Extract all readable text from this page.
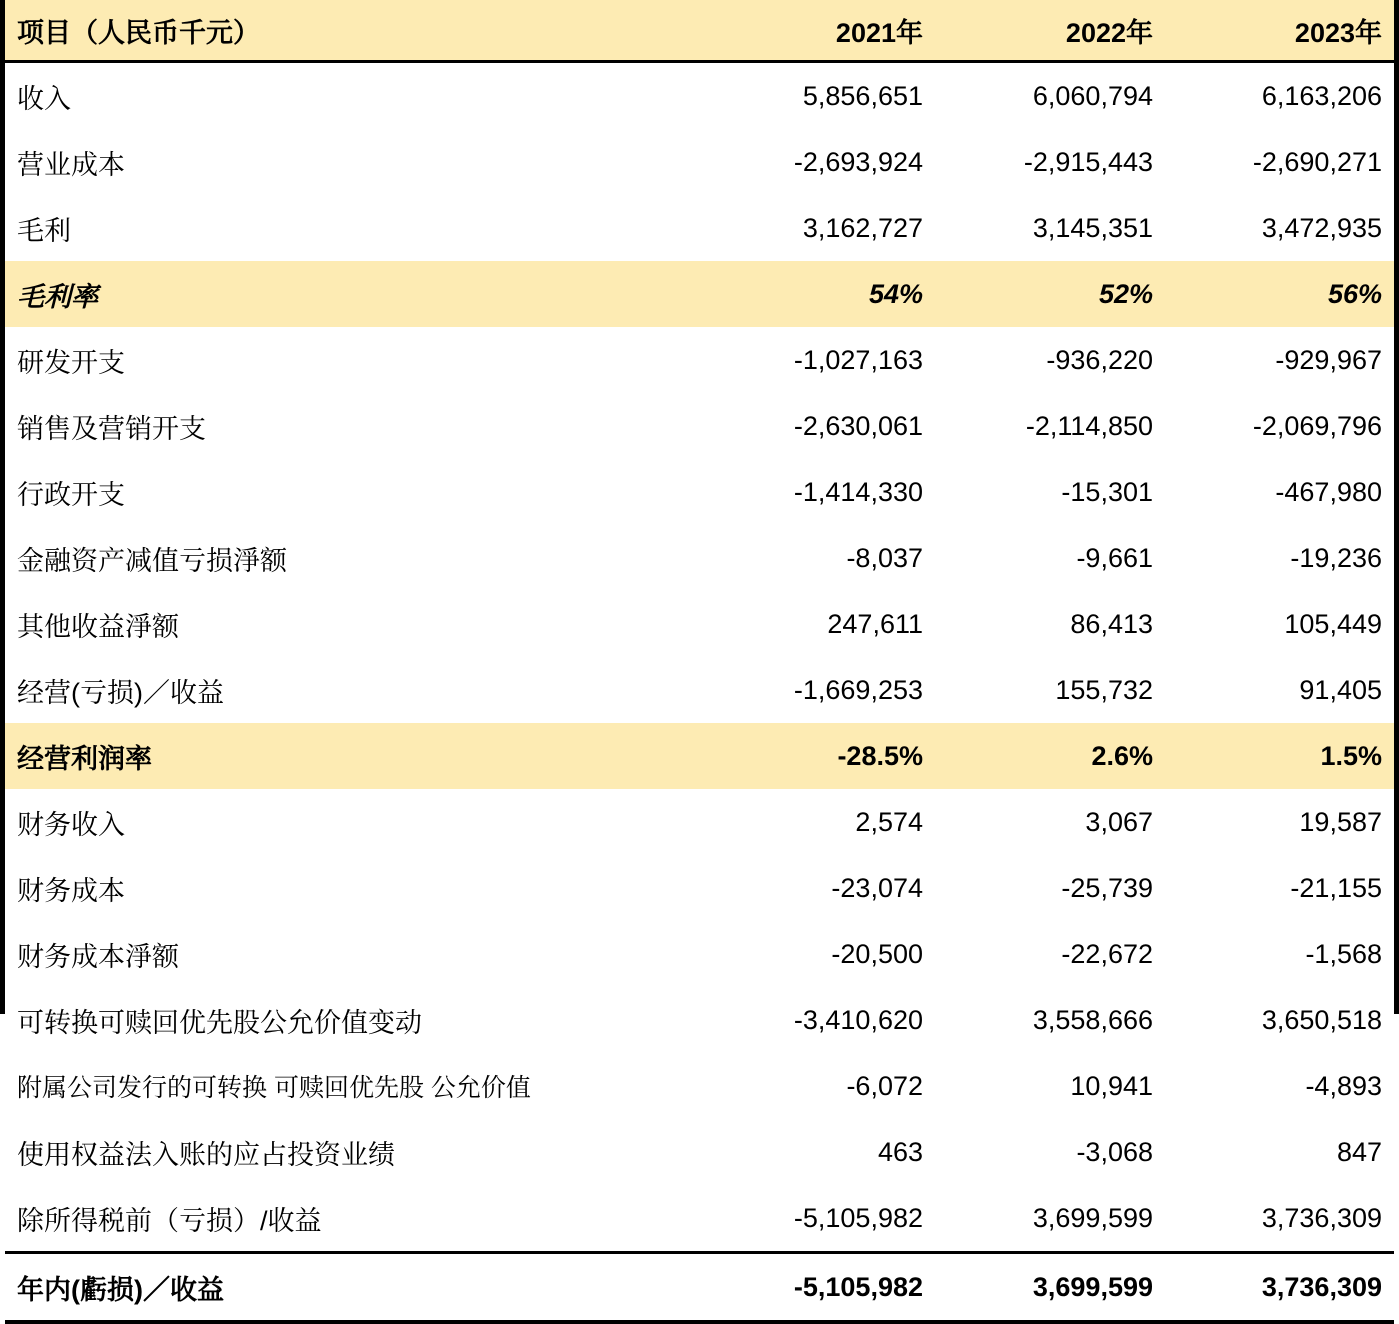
项目（人民币千元）	2021年	2022年	2023年
收入	5,856,651	6,060,794	6,163,206
营业成本	-2,693,924	-2,915,443	-2,690,271
毛利	3,162,727	3,145,351	3,472,935
毛利率	54%	52%	56%
研发开支	-1,027,163	-936,220	-929,967
销售及营销开支	-2,630,061	-2,114,850	-2,069,796
行政开支	-1,414,330	-15,301	-467,980
金融资产减值亏损淨额	-8,037	-9,661	-19,236
其他收益淨额	247,611	86,413	105,449
经营(亏损)／收益	-1,669,253	155,732	91,405
经营利润率	-28.5%	2.6%	1.5%
财务收入	2,574	3,067	19,587
财务成本	-23,074	-25,739	-21,155
财务成本淨额	-20,500	-22,672	-1,568
可转换可赎回优先股公允价值变动	-3,410,620	3,558,666	3,650,518
附属公司发行的可转换 可赎回优先股 公允价值	-6,072	10,941	-4,893
使用权益法入账的应占投资业绩	463	-3,068	847
除所得税前（亏损）/收益	-5,105,982	3,699,599	3,736,309
年内(虧损)／收益	-5,105,982	3,699,599	3,736,309
